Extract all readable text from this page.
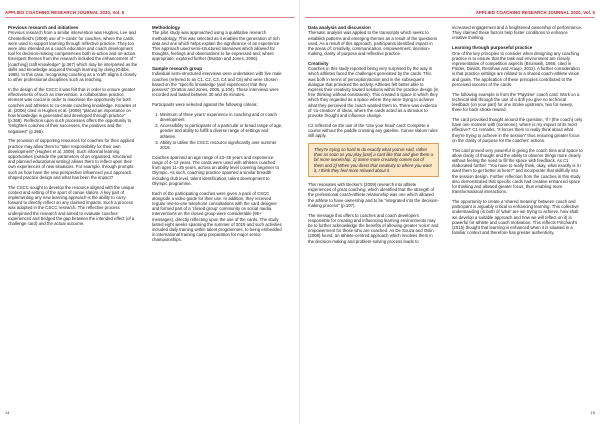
APPLIED COACHING RESEARCH JOURNAL 2020, Vol. 5
Previous research and initiatives

Previous research from a similar intervention was Hughes, Lee and Chesterfield's (2009) use of 'I–cards' for coaches, where the cards were used to support learning through reflective practice. They too were also intended as a coach education and coach development tool for decision-making competencies both in-action and on-action. Emergent themes from the research included the enhancement of "[coaching] craft knowledge" (p.367) which may be interpreted as the skills and knowledge acquired through learning by doing (Gibbs, 1988). In this case, recognising coaching as a 'craft' aligns it closely to other professional disciplines such as teaching.

In the design of the CSCC it was felt that in order to ensure greater effectiveness of such an intervention, a collaborative practice element was crucial in order to maximise the opportunity for both coaches and athletes to co-create coaching knowledge. Knowles et al. (2006) cited in Hughes et al. (2009) "placed an importance on how knowledge is generated and developed through practice" (p.368). Reflection upon such processes offers the opportunity to "enlighten coaches of their successes, the positives and the negatives" (p.368).

The provision of supporting resources for coaches for their applied practice may allow them to "take responsibility for their own development" (Hughes et al. 2009). Such informal learning opportunities (outside the parameters of an organised, structured and planned educational setting) allows them to reflect upon their own experiences of new situations. For example, through prompts such as how have the new perspective influenced your approach, shaped practice design and what has been the impact?

The CSCC sought to develop the resource aligned with the unique context and setting of the sport of canoe slalom. A key part of implementing any new learning approach is the ability to carry-forward to directly reflect on any claimed impacts. Such a process was adopted in the CSCC research. The reflective process underpinned the research and aimed to evaluate coaches' experiences and bridged the gap between the intended effect (of a challenge card) and the actual outcome.

Methodology

The pilot study was approached using a qualitative research methodology. This was selected as it enables the generation of rich data and one which helps explain the significance of an experience. This approach used semi-structured interviews which allowed for thoughts, feelings and observations to be expressed and, where appropriate, explored further (Bratton and Jones, 2005).

Sample research group

Individual semi-structured interviews were undertaken with five male coaches (referred to as C1, C2, C3, C4 and C5) who were chosen based on the "specific knowledge (and experience) that they possess" (Gratton and Jones, 2005, p.104). These interviews were recorded and lasted between 30 and 45 minutes.

Participants were selected against the following criteria:

1. Minimum of three years' experience in coaching and or coach development
2. Accessibility to participants of a particular or broad range of age, gender and ability to fulfill a diverse range of settings and athletes
3. Ability to utilise the CSCC resource significantly over summer 2019.

Coaches spanned an age range of 23–35 years and experience range of 4–12 years. The cards were used with athletes coached from ages 11–35 years, across an ability level covering beginner to Olympic. As such, coaching practice spanned a similar breadth including club level, talent identification, talent development to Olympic programme.

Each of the participating coaches were given a pack of CSCC alongside a video guide for their use. In addition, they received regular one-to-one telephone consultations with the card designer and formed part of a 'closed group' community on social media. Interventions on the closed group were considerable (95+ messages), directly reflecting upon the use of the cards. The study lasted eight weeks spanning the summer of 2019 and such activities included daily training within talent programmes, to being embedded in international training camp preparation for major senior championships.

14
APPLIED COACHING RESEARCH JOURNAL 2020, Vol. 5
Data analysis and discussion

Thematic analysis was applied to the transcripts which seeks to establish patterns and emerging themes as a result of the questions used. As a result of this approach, participants identified impact in the areas of: creativity, communication, empowerment, decision-making, clarity of purpose and reflective practice.

Creativity

Coaches in this study reported being very surprised by the way in which athletes faced the challenges generated by the cards. This was both in terms of perception/action and in the subsequent dialogue that provoked the activity. Athletes felt better able to express their creativity toward solutions within the practice design (in free thinking without constraints). This created a space in which they which they regarded as a space where they were trying to achieve what they perceived the coach wanted them to. There was evidence of 'co-creation' of ideas, where the cards acted as a stimulus to provoke thought and influence change.

C2 reflected on the use of the 'Use your head' card: Complete a course without the paddle crossing any gateline. Canoe slalom rules still apply.

They're trying so hard to do exactly what you've said, rather than as soon as you play [use] a card like that and give them a bit more ownership: 1) Some more creativity comes out of them and 2) When you direct that creativity to where you want it, I think they feel more relaxed about it.

This resonates with Becker's (2009) research into athlete experiences of great coaching, which identified that the strength of the professional coach-athlete relationship was one which allowed the athlete to have ownership and to be "integrated into the decision-making process" (p.107).

The message this offers to coaches and coach developers responsible for creating and influencing learning environments may be to further acknowledge the benefits of allowing greater 'voice' and empowerment for those who are coached. As De Souza and Oslin (2008) found, an athlete-centred approach which involves them in the decision-making and problem-solving process leads to

increased engagement and a heightened ownership of performance. They claimed these factors help foster conditions to enhance creative thinking.

Learning through purposeful practice

One of the key principles to consider when designing any coaching practice is to ensure that the task and environment are closely representative of competition aspects (Brunswik, 1956, cited in Pinder, Davids, Renshaw and Araujo, 2011). A further consideration is that practice settings are related to a shared coach-athlete vision and goals. The application of these principles contributed to the perceived success of the cards.

The following example is from the 'Playtime' coach card: Work on a technical skill through the use of a drill you give no technical feedback (on your part) for one stroke upstream, two for sweep, three for back stroke reward.

The card provoked thought around the question, 'If I (the coach) only have one moment with (someone), where is my impact at its most effective?' C1 remarks, "it forces them to really think about what they're trying to achieve in the session" thus ensuring greater focus on the clarity of purpose for the coaches' actions.

This card proved very powerful in giving the coach time and space to allow clarity of thought and the ability to observe things more clearly without feeling the need to fill the space with feedback. As C1 elaborated further: "You have to really think, okay, what exactly is it I want them to get better at here?" and incorporate that skillfully into the session design. Further reflection from the coaches in this study also demonstrated that specific cards had creative enhanced space for thinking and allowed greater focus, thus enabling more transformational interactions.

The opportunity to create a 'shared meaning' between coach and participant is arguably critical to enhancing learning. This collective understanding (in both of 'what' are we trying to achieve, how shall we develop a suitable approach and how we will reflect on it) is powerful for athlete and coach motivation. This reflects Pritchard's (2015) thought that learning is enhanced when it is situated in a familiar context and therefore has greater authenticity.

15
